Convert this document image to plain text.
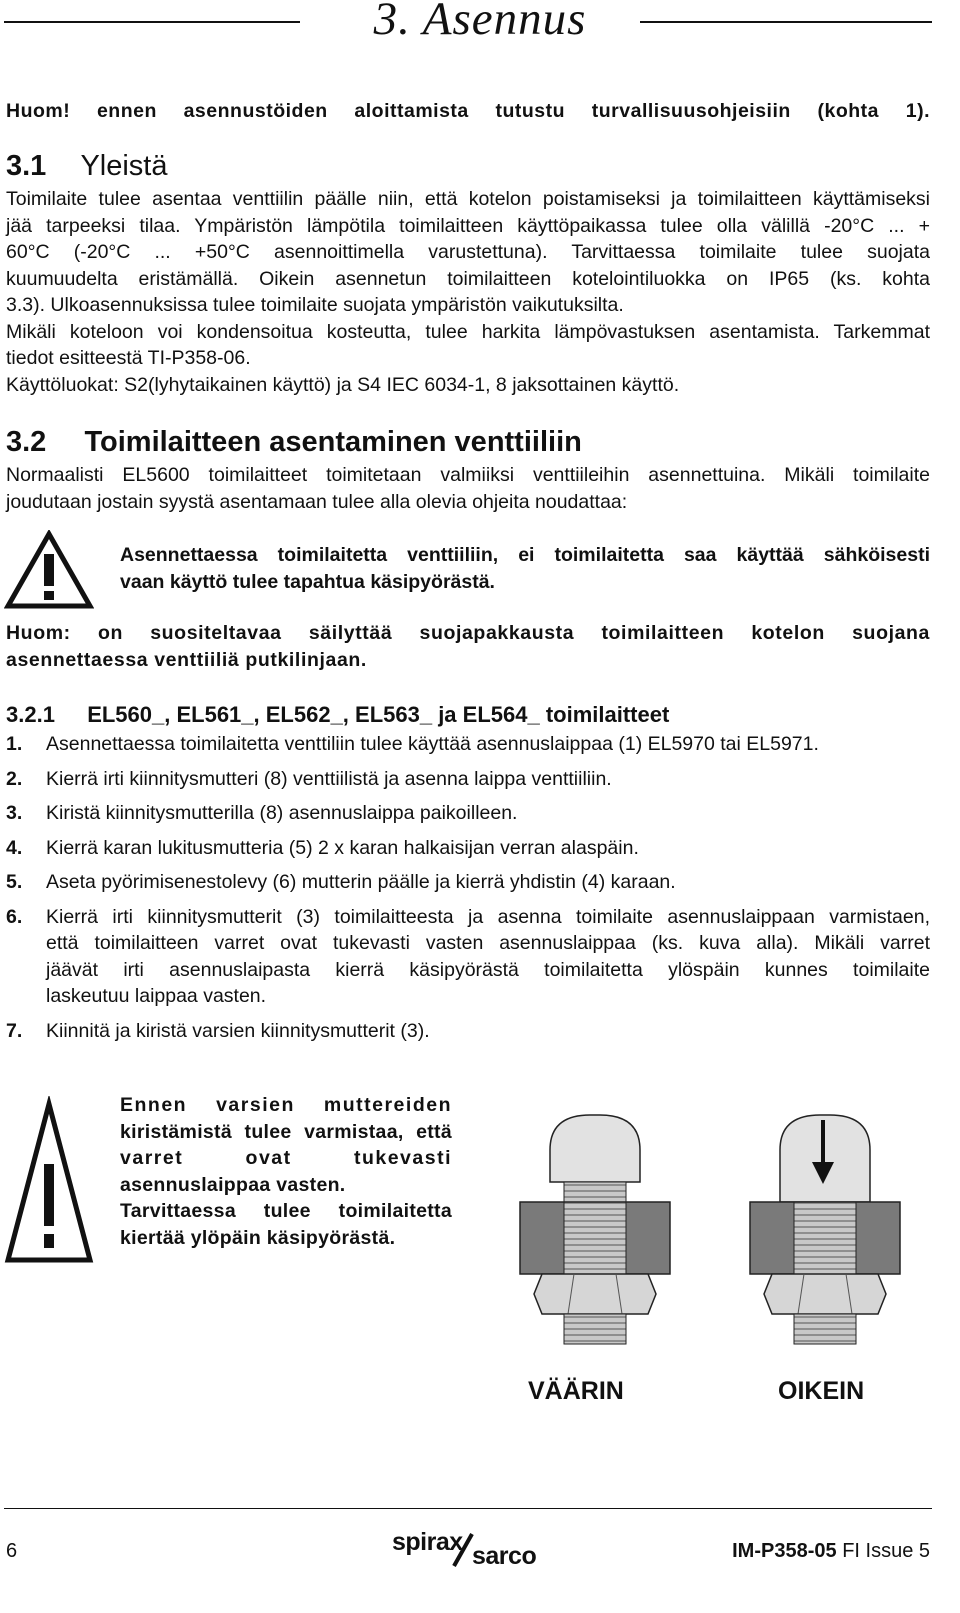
3. Asennus
Huom! ennen asennustöiden aloittamista tutustu turvallisuusohjeisiin (kohta 1).
3.1 Yleistä
Toimilaite tulee asentaa venttiilin päälle niin, että kotelon poistamiseksi ja toimilaitteen käyttämiseksi
jää tarpeeksi tilaa. Ympäristön lämpötila toimilaitteen käyttöpaikassa tulee olla välillä -20°C ... +
60°C (-20°C ... +50°C asennoittimella varustettuna). Tarvittaessa toimilaite tulee suojata
kuumuudelta eristämällä. Oikein asennetun toimilaitteen kotelointiluokka on IP65 (ks. kohta
3.3). Ulkoasennuksissa tulee toimilaite suojata ympäristön vaikutuksilta.
Mikäli koteloon voi kondensoitua kosteutta, tulee harkita lämpövastuksen asentamista. Tarkemmat
tiedot esitteestä TI-P358-06.
Käyttöluokat: S2(lyhytaikainen käyttö) ja S4 IEC 6034-1, 8 jaksottainen käyttö.
3.2 Toimilaitteen asentaminen venttiiliin
Normaalisti EL5600 toimilaitteet toimitetaan valmiiksi venttiileihin asennettuina. Mikäli toimilaite
joudutaan jostain syystä asentamaan tulee alla olevia ohjeita noudattaa:
Asennettaessa toimilaitetta venttiiliin, ei toimilaitetta saa käyttää sähköisesti
vaan käyttö tulee tapahtua käsipyörästä.
Huom: on suositeltavaa säilyttää suojapakkausta toimilaitteen kotelon suojana
asennettaessa venttiiliä putkilinjaan.
3.2.1 EL560_, EL561_, EL562_, EL563_ ja EL564_ toimilaitteet
1. Asennettaessa toimilaitetta venttiliin tulee käyttää asennuslaippaa (1) EL5970 tai EL5971.
2. Kierrä irti kiinnitysmutteri (8) venttiilistä ja asenna laippa venttiiliin.
3. Kiristä kiinnitysmutterilla (8) asennuslaippa paikoilleen.
4. Kierrä karan lukitusmutteria (5) 2 x karan halkaisijan verran alaspäin.
5. Aseta pyörimisenestolevy (6) mutterin päälle ja kierrä yhdistin (4) karaan.
6. Kierrä irti kiinnitysmutterit (3) toimilaitteesta ja asenna toimilaite asennuslaippaan varmistaen,
että toimilaitteen varret ovat tukevasti vasten asennuslaippaa (ks. kuva alla). Mikäli varret
jäävät irti asennuslaipasta kierrä käsipyörästä toimilaitetta ylöspäin kunnes toimilaite
laskeutuu laippaa vasten.
7. Kiinnitä ja kiristä varsien kiinnitysmutterit (3).
Ennen varsien muttereiden
kiristämistä tulee varmistaa, että
varret ovat tukevasti
asennuslaippaa vasten.
Tarvittaessa tulee toimilaitetta
kiertää ylöpäin käsipyörästä.
VÄÄRIN	OIKEIN
6	spirax sarco	IM-P358-05 FI Issue 5
